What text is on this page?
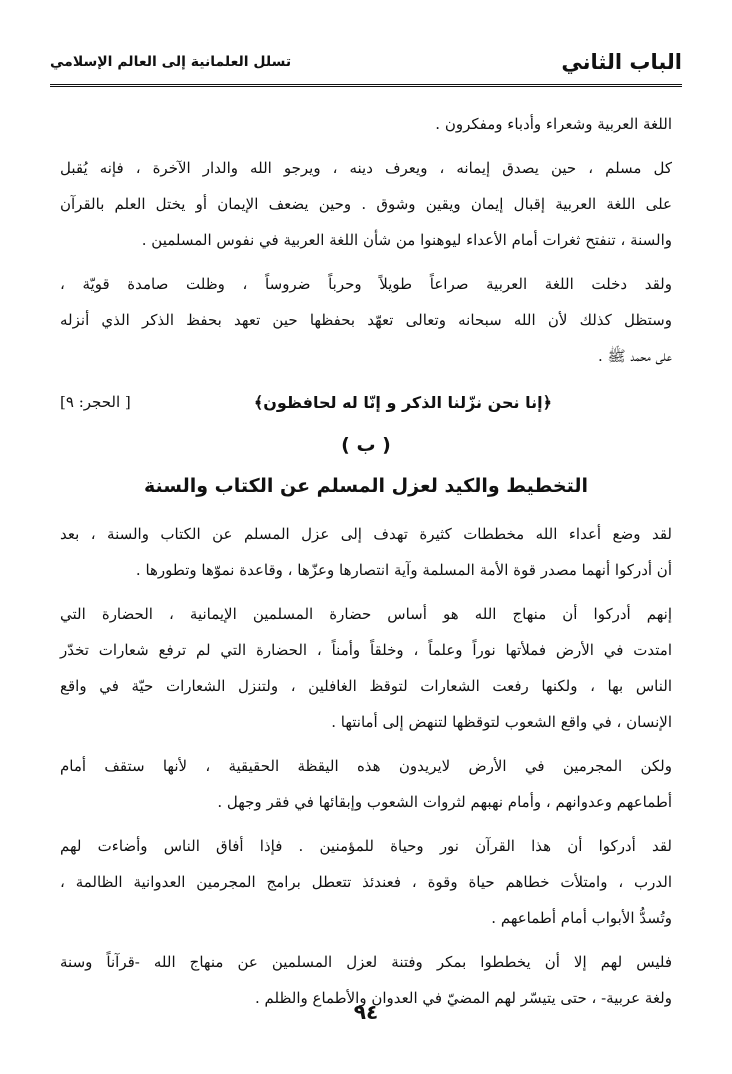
الباب الثاني
تسلل العلمانية إلى العالم الإسلامي

اللغة العربية وشعراء وأدباء ومفكرون .

كل مسلم ، حين يصدق إيمانه ، ويعرف دينه ، ويرجو الله والدار الآخرة ، فإنه يُقبل
على اللغة العربية إقبال إيمان ويقين وشوق . وحين يضعف الإيمان أو يختل العلم بالقرآن
والسنة ، تنفتح ثغرات أمام الأعداء ليوهنوا من شأن اللغة العربية في نفوس المسلمين .

ولقد دخلت اللغة العربية صراعاً طويلاً وحرباً ضروساً ، وظلت صامدة قويّة ،
وستظل كذلك لأن الله سبحانه وتعالى تعهّد بحفظها حين تعهد بحفظ الذكر الذي أنزله
على محمد ﷺ .

﴿إنا نحن نزّلنا الذكر و إنّا له لحافظون﴾
[ الحجر: ٩]
( ب )
التخطيط والكيد لعزل المسلم عن الكتاب والسنة

لقد وضع أعداء الله مخططات كثيرة تهدف إلى عزل المسلم عن الكتاب والسنة ، بعد
أن أدركوا أنهما مصدر قوة الأمة المسلمة وآية انتصارها وعزّها ، وقاعدة نموّها وتطورها .

إنهم أدركوا أن منهاج الله هو أساس حضارة المسلمين الإيمانية ، الحضارة التي
امتدت في الأرض فملأتها نوراً وعلماً ، وخلقاً وأمناً ، الحضارة التي لم ترفع شعارات تخدّر
الناس بها ، ولكنها رفعت الشعارات لتوقظ الغافلين ، ولتنزل الشعارات حيّة في واقع
الإنسان ، في واقع الشعوب لتوقظها لتنهض إلى أمانتها .

ولكن المجرمين في الأرض لايريدون هذه اليقظة الحقيقية ، لأنها ستقف أمام
أطماعهم وعدوانهم ، وأمام نهبهم لثروات الشعوب وإبقائها في فقر وجهل .

لقد أدركوا أن هذا القرآن نور وحياة للمؤمنين . فإذا أفاق الناس وأضاءت لهم
الدرب ، وامتلأت خطاهم حياة وقوة ، فعندئذ تتعطل برامج المجرمين العدوانية الظالمة ،
وتُسدُّ الأبواب أمام أطماعهم .

فليس لهم إلا أن يخططوا بمكر وفتنة لعزل المسلمين عن منهاج الله -قرآناً وسنة
ولغة عربية- ، حتى يتيسّر لهم المضيّ في العدوان والأطماع والظلم .

٩٤
